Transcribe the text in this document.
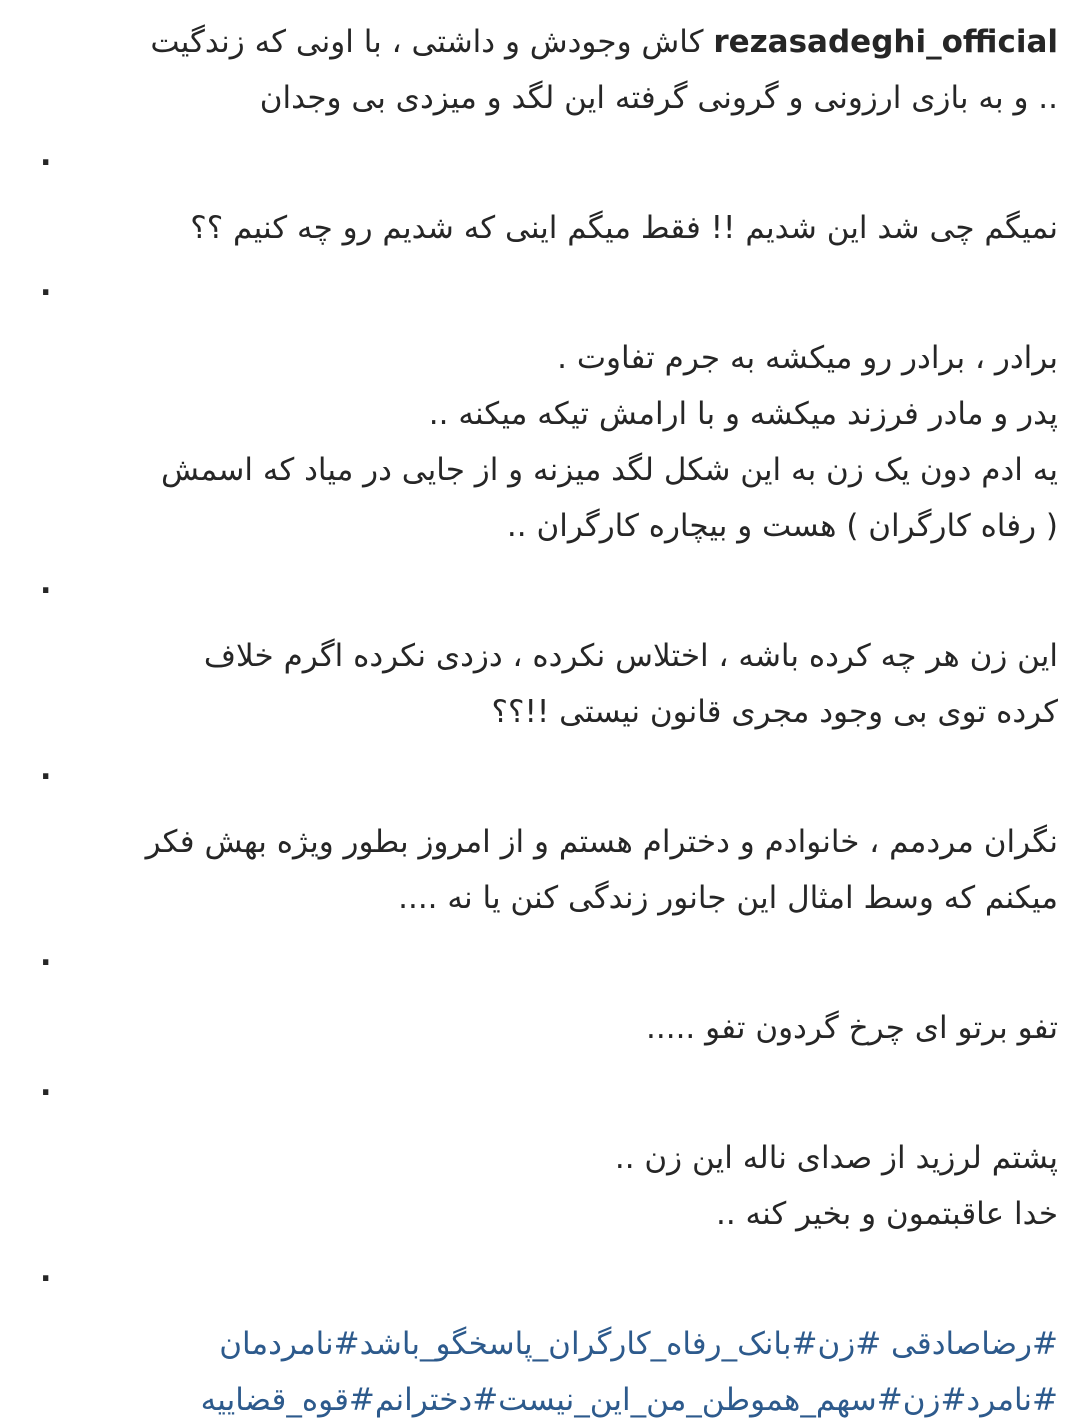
rezasadeghi_official کاش وجودش و داشتی ، با اونی که زندگیت
.. و به بازی ارزونی و گرونی گرفته این لگد و میزدی بی وجدان
.
نمیگم چی شد این شدیم !! فقط میگم اینی که شدیم رو چه کنیم ؟؟
.
برادر ، برادر رو میکشه به جرم تفاوت .
پدر و مادر فرزند میکشه و با ارامش تیکه میکنه ..
یه ادم دون یک زن به این شکل لگد میزنه و از جایی در میاد که اسمش
( رفاه کارگران ) هست و بیچاره کارگران ..
.
این زن هر چه کرده باشه ، اختلاس نکرده ، دزدی نکرده اگرم خلاف
کرده توی بی وجود مجری قانون نیستی !!؟؟
.
نگران مردمم ، خانوادم و دخترام هستم و از امروز بطور ویژه بهش فکر
میکنم که وسط امثال این جانور زندگی کنن یا نه ....
.
تفو برتو ای چرخ گردون تفو .....
.
پشتم لرزید از صدای ناله این زن ..
خدا عاقبتمون و بخیر کنه ..
.
#رضاصادقی #زن#بانک_رفاه_کارگران_پاسخگو_باشد#نامردمان
#نامرد#زن#سهم_هموطن_من_این_نیست#دخترانم#قوه_قضاییه
